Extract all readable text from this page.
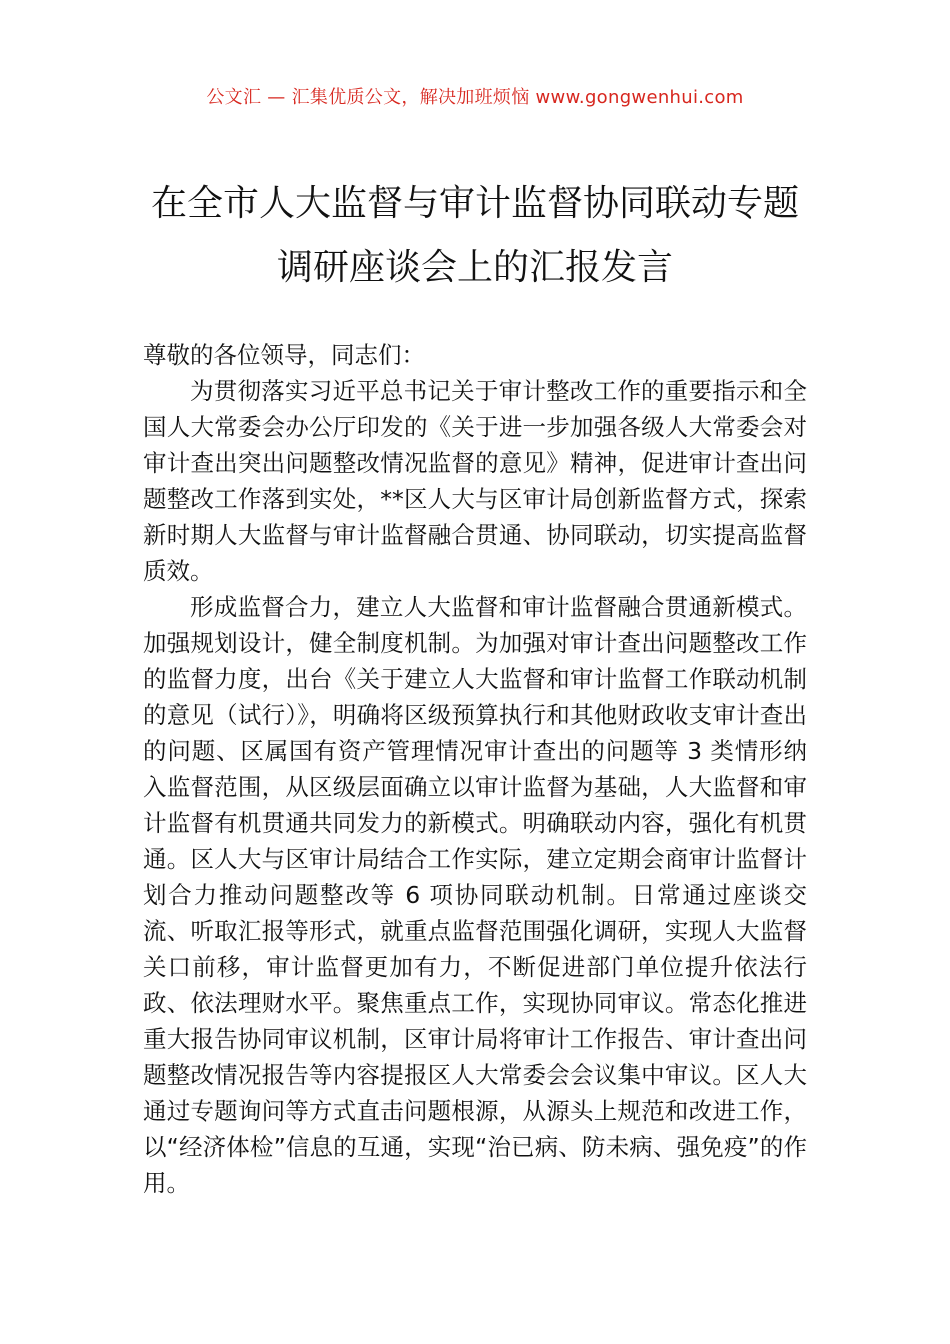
公文汇 — 汇集优质公文，解决加班烦恼 www.gongwenhui.com
在全市人大监督与审计监督协同联动专题
调研座谈会上的汇报发言

尊敬的各位领导，同志们：

为贯彻落实习近平总书记关于审计整改工作的重要指示和全国人大常委会办公厅印发的《关于进一步加强各级人大常委会对审计查出突出问题整改情况监督的意见》精神，促进审计查出问题整改工作落到实处，**区人大与区审计局创新监督方式，探索新时期人大监督与审计监督融合贯通、协同联动，切实提高监督质效。

形成监督合力，建立人大监督和审计监督融合贯通新模式。加强规划设计，健全制度机制。为加强对审计查出问题整改工作的监督力度，出台《关于建立人大监督和审计监督工作联动机制的意见（试行）》，明确将区级预算执行和其他财政收支审计查出的问题、区属国有资产管理情况审计查出的问题等 3 类情形纳入监督范围，从区级层面确立以审计监督为基础，人大监督和审计监督有机贯通共同发力的新模式。明确联动内容，强化有机贯通。区人大与区审计局结合工作实际，建立定期会商审计监督计划合力推动问题整改等 6 项协同联动机制。日常通过座谈交流、听取汇报等形式，就重点监督范围强化调研，实现人大监督关口前移，审计监督更加有力，不断促进部门单位提升依法行政、依法理财水平。聚焦重点工作，实现协同审议。常态化推进重大报告协同审议机制，区审计局将审计工作报告、审计查出问题整改情况报告等内容提报区人大常委会会议集中审议。区人大通过专题询问等方式直击问题根源，从源头上规范和改进工作，以“经济体检”信息的互通，实现“治已病、防未病、强免疫”的作用。
